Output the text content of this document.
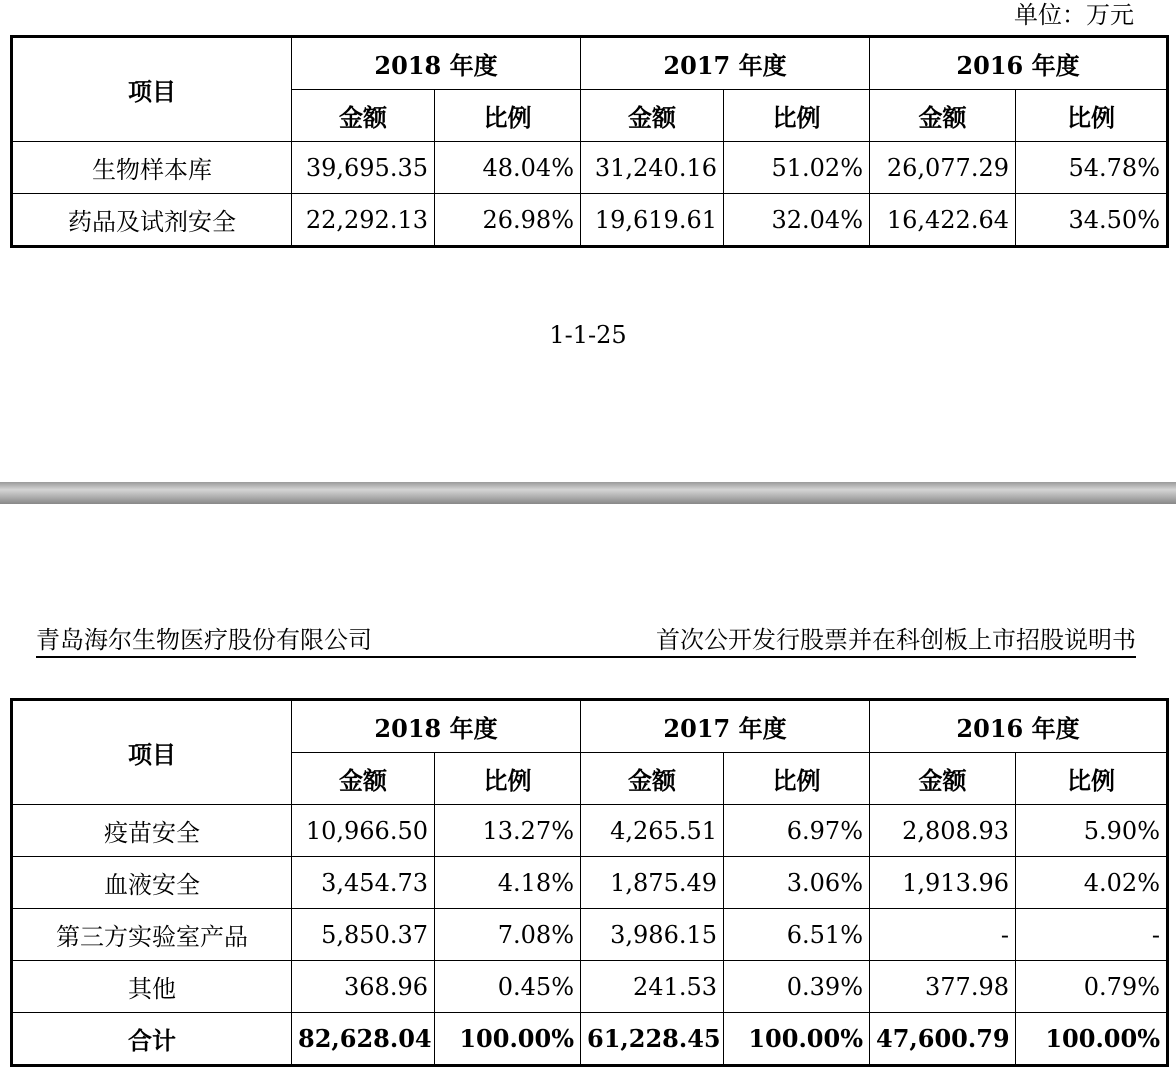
单位：万元
项目	2018 年度		2017 年度		2016 年度	
	金额	比例	金额	比例	金额	比例
生物样本库	39,695.35	48.04%	31,240.16	51.02%	26,077.29	54.78%
药品及试剂安全	22,292.13	26.98%	19,619.61	32.04%	16,422.64	34.50%
1-1-25
青岛海尔生物医疗股份有限公司	首次公开发行股票并在科创板上市招股说明书
项目	2018 年度		2017 年度		2016 年度	
	金额	比例	金额	比例	金额	比例
疫苗安全	10,966.50	13.27%	4,265.51	6.97%	2,808.93	5.90%
血液安全	3,454.73	4.18%	1,875.49	3.06%	1,913.96	4.02%
第三方实验室产品	5,850.37	7.08%	3,986.15	6.51%	-	-
其他	368.96	0.45%	241.53	0.39%	377.98	0.79%
合计	82,628.04	100.00%	61,228.45	100.00%	47,600.79	100.00%
